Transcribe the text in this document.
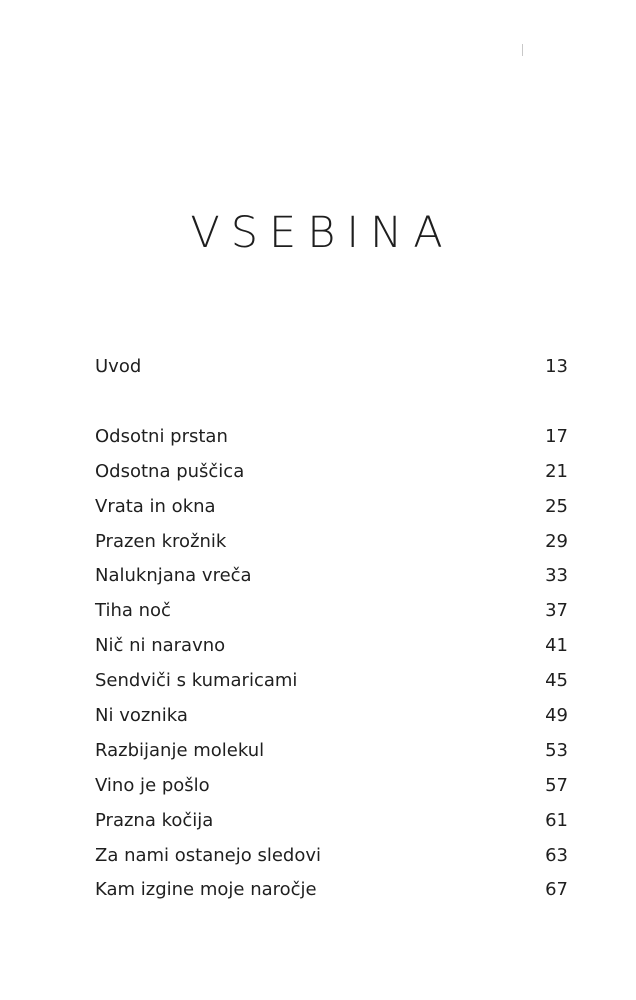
VSEBINA
Uvod	13
Odsotni prstan	17
Odsotna puščica	21
Vrata in okna	25
Prazen krožnik	29
Naluknjana vreča	33
Tiha noč	37
Nič ni naravno	41
Sendviči s kumaricami	45
Ni voznika	49
Razbijanje molekul	53
Vino je pošlo	57
Prazna kočija	61
Za nami ostanejo sledovi	63
Kam izgine moje naročje	67
